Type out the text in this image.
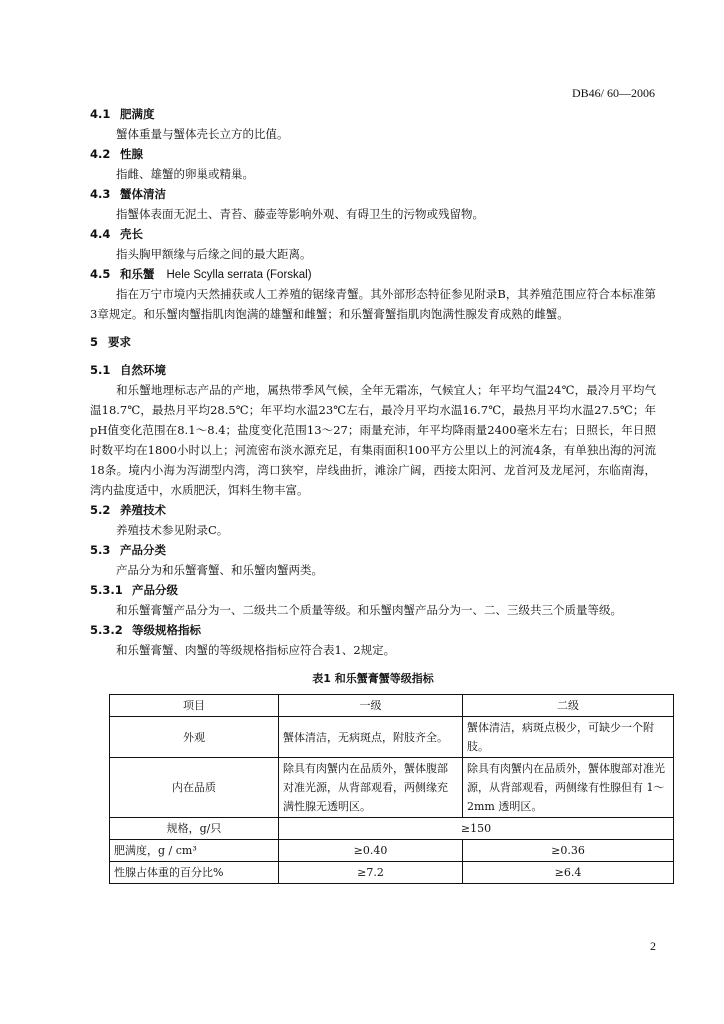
DB46/ 60—2006
4.1 肥满度
蟹体重量与蟹体壳长立方的比值。
4.2 性腺
指雌、雄蟹的卵巢或精巢。
4.3 蟹体清洁
指蟹体表面无泥土、青苔、藤壶等影响外观、有碍卫生的污物或残留物。
4.4 壳长
指头胸甲额缘与后缘之间的最大距离。
4.5 和乐蟹 Hele Scylla serrata (Forskal)
指在万宁市境内天然捕获或人工养殖的锯缘青蟹。其外部形态特征参见附录B，其养殖范围应符合本标准第3章规定。和乐蟹肉蟹指肌肉饱满的雄蟹和雌蟹；和乐蟹膏蟹指肌肉饱满性腺发育成熟的雌蟹。
5 要求
5.1 自然环境
和乐蟹地理标志产品的产地，属热带季风气候，全年无霜冻，气候宜人；年平均气温24℃，最冷月平均气温18.7℃，最热月平均28.5℃；年平均水温23℃左右，最冷月平均水温16.7℃，最热月平均水温27.5℃；年pH值变化范围在8.1～8.4；盐度变化范围13～27；雨量充沛，年平均降雨量2400毫米左右；日照长，年日照时数平均在1800小时以上；河流密布淡水源充足，有集雨面积100平方公里以上的河流4条，有单独出海的河流18条。境内小海为泻湖型内湾，湾口狭窄，岸线曲折，滩涂广阔，西接太阳河、龙首河及龙尾河，东临南海，湾内盐度适中，水质肥沃，饵料生物丰富。
5.2 养殖技术
养殖技术参见附录C。
5.3 产品分类
产品分为和乐蟹膏蟹、和乐蟹肉蟹两类。
5.3.1 产品分级
和乐蟹膏蟹产品分为一、二级共二个质量等级。和乐蟹肉蟹产品分为一、二、三级共三个质量等级。
5.3.2 等级规格指标
和乐蟹膏蟹、肉蟹的等级规格指标应符合表1、2规定。
表1 和乐蟹膏蟹等级指标
项目	一级	二级
外观	蟹体清洁，无病斑点，附肢齐全。	蟹体清洁，病斑点极少，可缺少一个附肢。
内在品质	除具有肉蟹内在品质外，蟹体腹部对准光源，从背部观看，两侧缘充满性腺无透明区。	除具有肉蟹内在品质外，蟹体腹部对准光源，从背部观看，两侧缘有性腺但有 1～2mm 透明区。
规格，g/只	≥150	
肥满度，g / cm³	≥0.40	≥0.36
性腺占体重的百分比%	≥7.2	≥6.4
2
